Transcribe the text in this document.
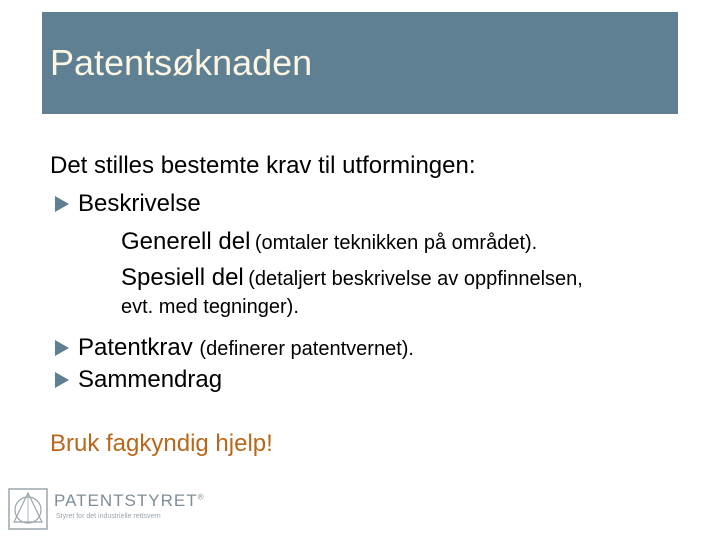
Patentsøknaden
Det stilles bestemte krav til utformingen:
Beskrivelse
Generell del (omtaler teknikken på området).
Spesiell del (detaljert beskrivelse av oppfinnelsen,
evt. med tegninger).
Patentkrav (definerer patentvernet).
Sammendrag
Bruk fagkyndig hjelp!
PATENTSTYRET®
Styret for det industrielle rettsvern
